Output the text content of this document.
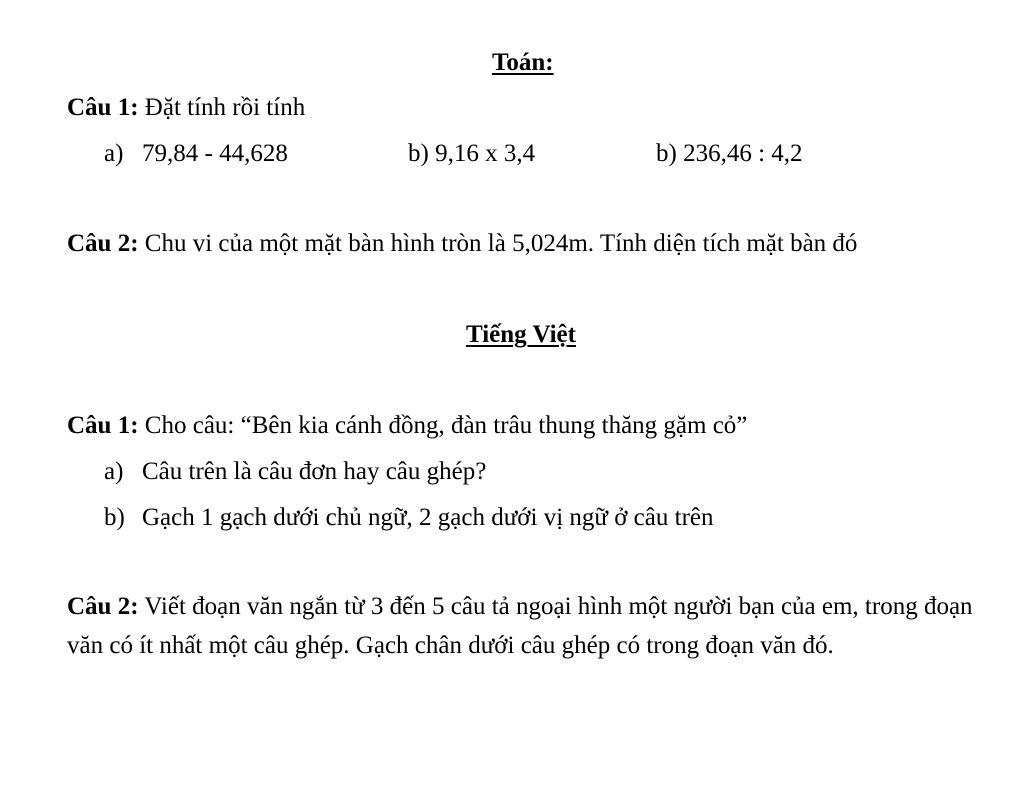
Toán:
Câu 1: Đặt tính rồi tính
a) 79,84 - 44,628	b) 9,16 x 3,4	b) 236,46 : 4,2
Câu 2: Chu vi của một mặt bàn hình tròn là 5,024m. Tính diện tích mặt bàn đó
Tiếng Việt
Câu 1: Cho câu: “Bên kia cánh đồng, đàn trâu thung thăng gặm cỏ”
a) Câu trên là câu đơn hay câu ghép?
b) Gạch 1 gạch dưới chủ ngữ, 2 gạch dưới vị ngữ ở câu trên
Câu 2: Viết đoạn văn ngắn từ 3 đến 5 câu tả ngoại hình một người bạn của em, trong đoạn văn có ít nhất một câu ghép. Gạch chân dưới câu ghép có trong đoạn văn đó.
